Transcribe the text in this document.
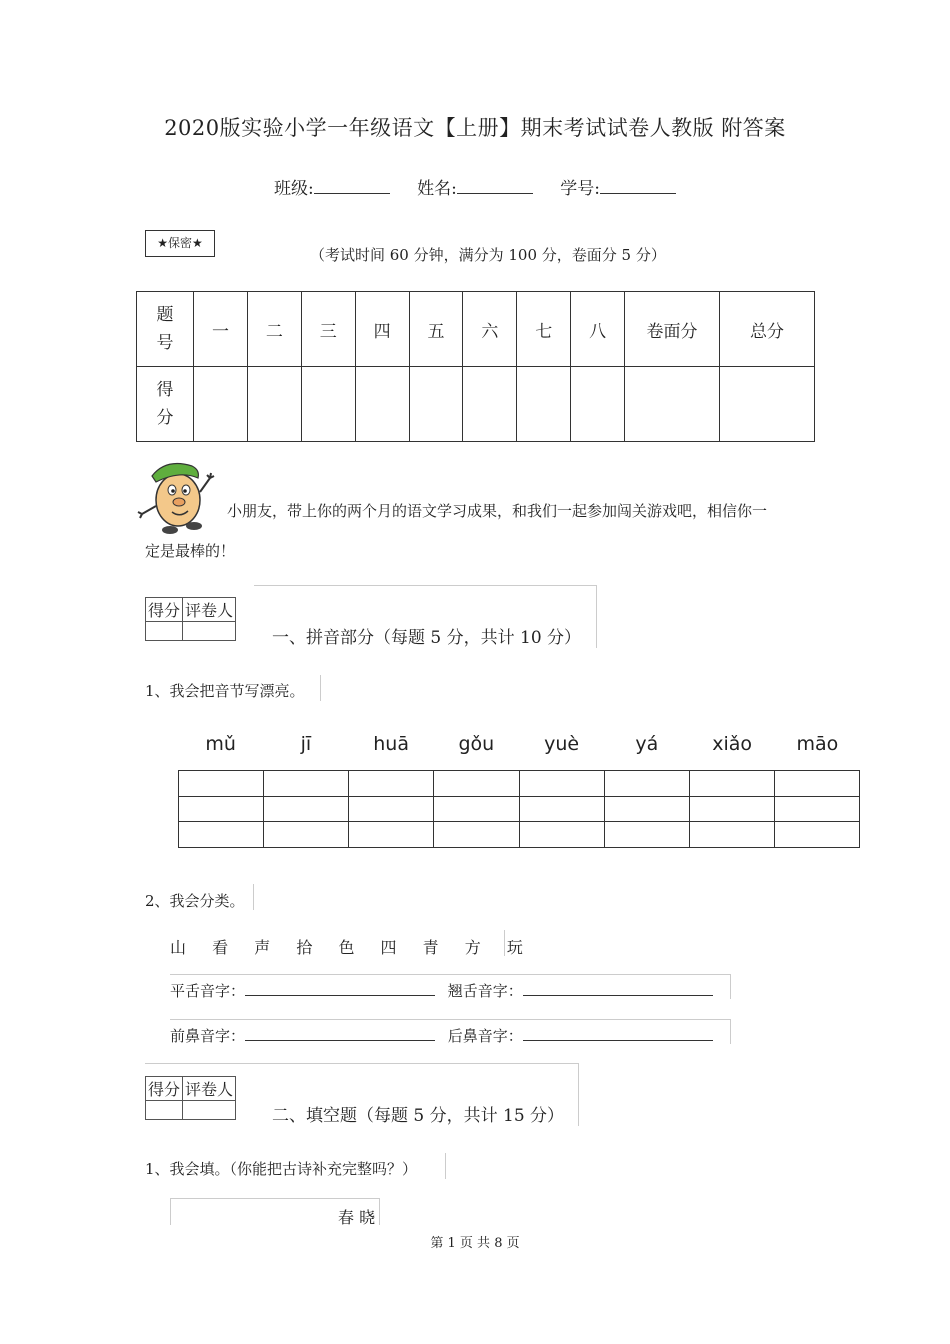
2020版实验小学一年级语文【上册】期末考试试卷人教版 附答案
班级:	姓名:	学号:
★保密★
（考试时间 60 分钟，满分为 100 分，卷面分 5 分）
题号	一	二	三	四	五	六	七	八	卷面分	总分

得分										

小朋友，带上你的两个月的语文学习成果，和我们一起参加闯关游戏吧，相信你一
定是最棒的！
得分	评卷人

一、拼音部分（每题 5 分，共计 10 分）
1、我会把音节写漂亮。
mǔ	jī	huā	gǒu	yuè	yá	xiǎo	māo

2、我会分类。
山 看 声 拾 色 四 青 方 玩
平舌音字：	翘舌音字：
前鼻音字：	后鼻音字：
得分	评卷人

二、填空题（每题 5 分，共计 15 分）
1、我会填。（你能把古诗补充完整吗？）
春 晓
第 1 页 共 8 页
